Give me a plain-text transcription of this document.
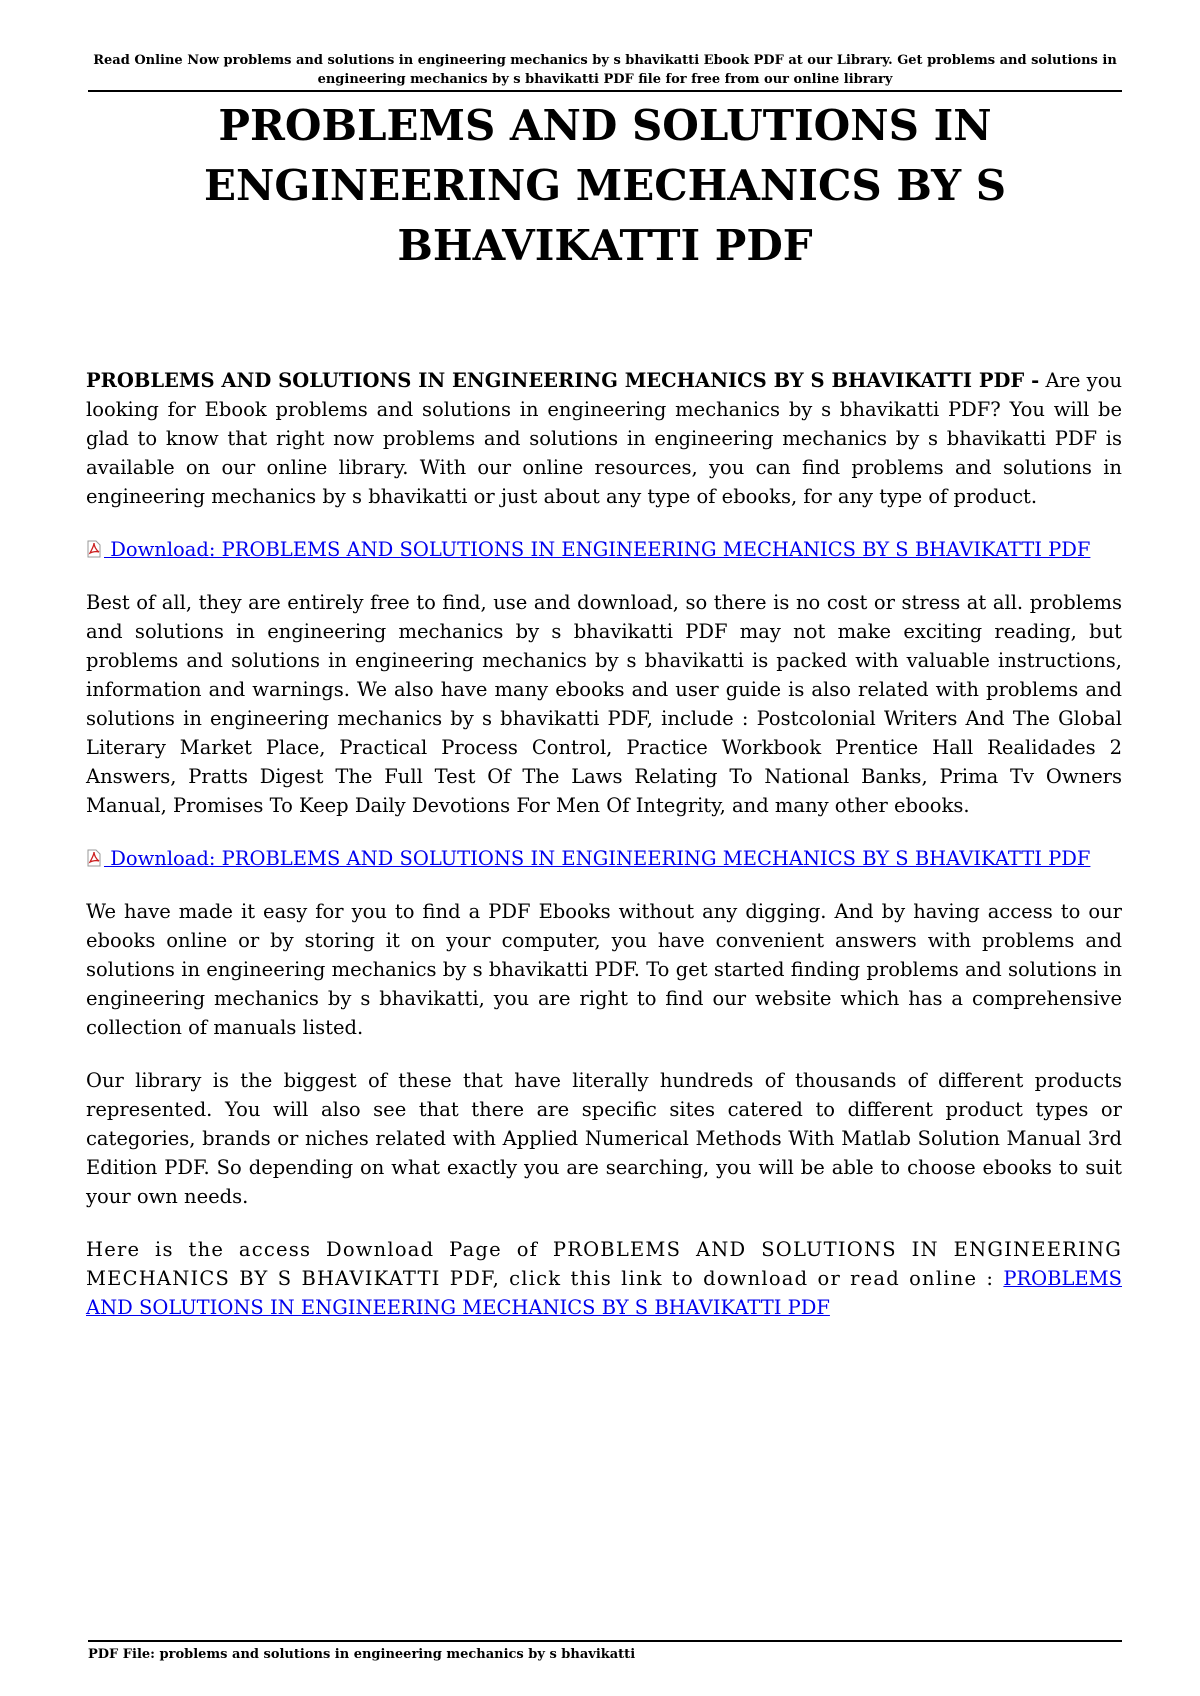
Read Online Now problems and solutions in engineering mechanics by s bhavikatti Ebook PDF at our Library. Get problems and solutions in engineering mechanics by s bhavikatti PDF file for free from our online library
PROBLEMS AND SOLUTIONS IN ENGINEERING MECHANICS BY S BHAVIKATTI PDF

PROBLEMS AND SOLUTIONS IN ENGINEERING MECHANICS BY S BHAVIKATTI PDF - Are you looking for Ebook problems and solutions in engineering mechanics by s bhavikatti PDF? You will be glad to know that right now problems and solutions in engineering mechanics by s bhavikatti PDF is available on our online library. With our online resources, you can find problems and solutions in engineering mechanics by s bhavikatti or just about any type of ebooks, for any type of product.

Download: PROBLEMS AND SOLUTIONS IN ENGINEERING MECHANICS BY S BHAVIKATTI PDF

Best of all, they are entirely free to find, use and download, so there is no cost or stress at all. problems and solutions in engineering mechanics by s bhavikatti PDF may not make exciting reading, but problems and solutions in engineering mechanics by s bhavikatti is packed with valuable instructions, information and warnings. We also have many ebooks and user guide is also related with problems and solutions in engineering mechanics by s bhavikatti PDF, include : Postcolonial Writers And The Global Literary Market Place, Practical Process Control, Practice Workbook Prentice Hall Realidades 2 Answers, Pratts Digest The Full Test Of The Laws Relating To National Banks, Prima Tv Owners Manual, Promises To Keep Daily Devotions For Men Of Integrity, and many other ebooks.

Download: PROBLEMS AND SOLUTIONS IN ENGINEERING MECHANICS BY S BHAVIKATTI PDF

We have made it easy for you to find a PDF Ebooks without any digging. And by having access to our ebooks online or by storing it on your computer, you have convenient answers with problems and solutions in engineering mechanics by s bhavikatti PDF. To get started finding problems and solutions in engineering mechanics by s bhavikatti, you are right to find our website which has a comprehensive collection of manuals listed.

Our library is the biggest of these that have literally hundreds of thousands of different products represented. You will also see that there are specific sites catered to different product types or categories, brands or niches related with Applied Numerical Methods With Matlab Solution Manual 3rd Edition PDF. So depending on what exactly you are searching, you will be able to choose ebooks to suit your own needs.

Here is the access Download Page of PROBLEMS AND SOLUTIONS IN ENGINEERING MECHANICS BY S BHAVIKATTI PDF, click this link to download or read online : PROBLEMS AND SOLUTIONS IN ENGINEERING MECHANICS BY S BHAVIKATTI PDF

PDF File: problems and solutions in engineering mechanics by s bhavikatti
